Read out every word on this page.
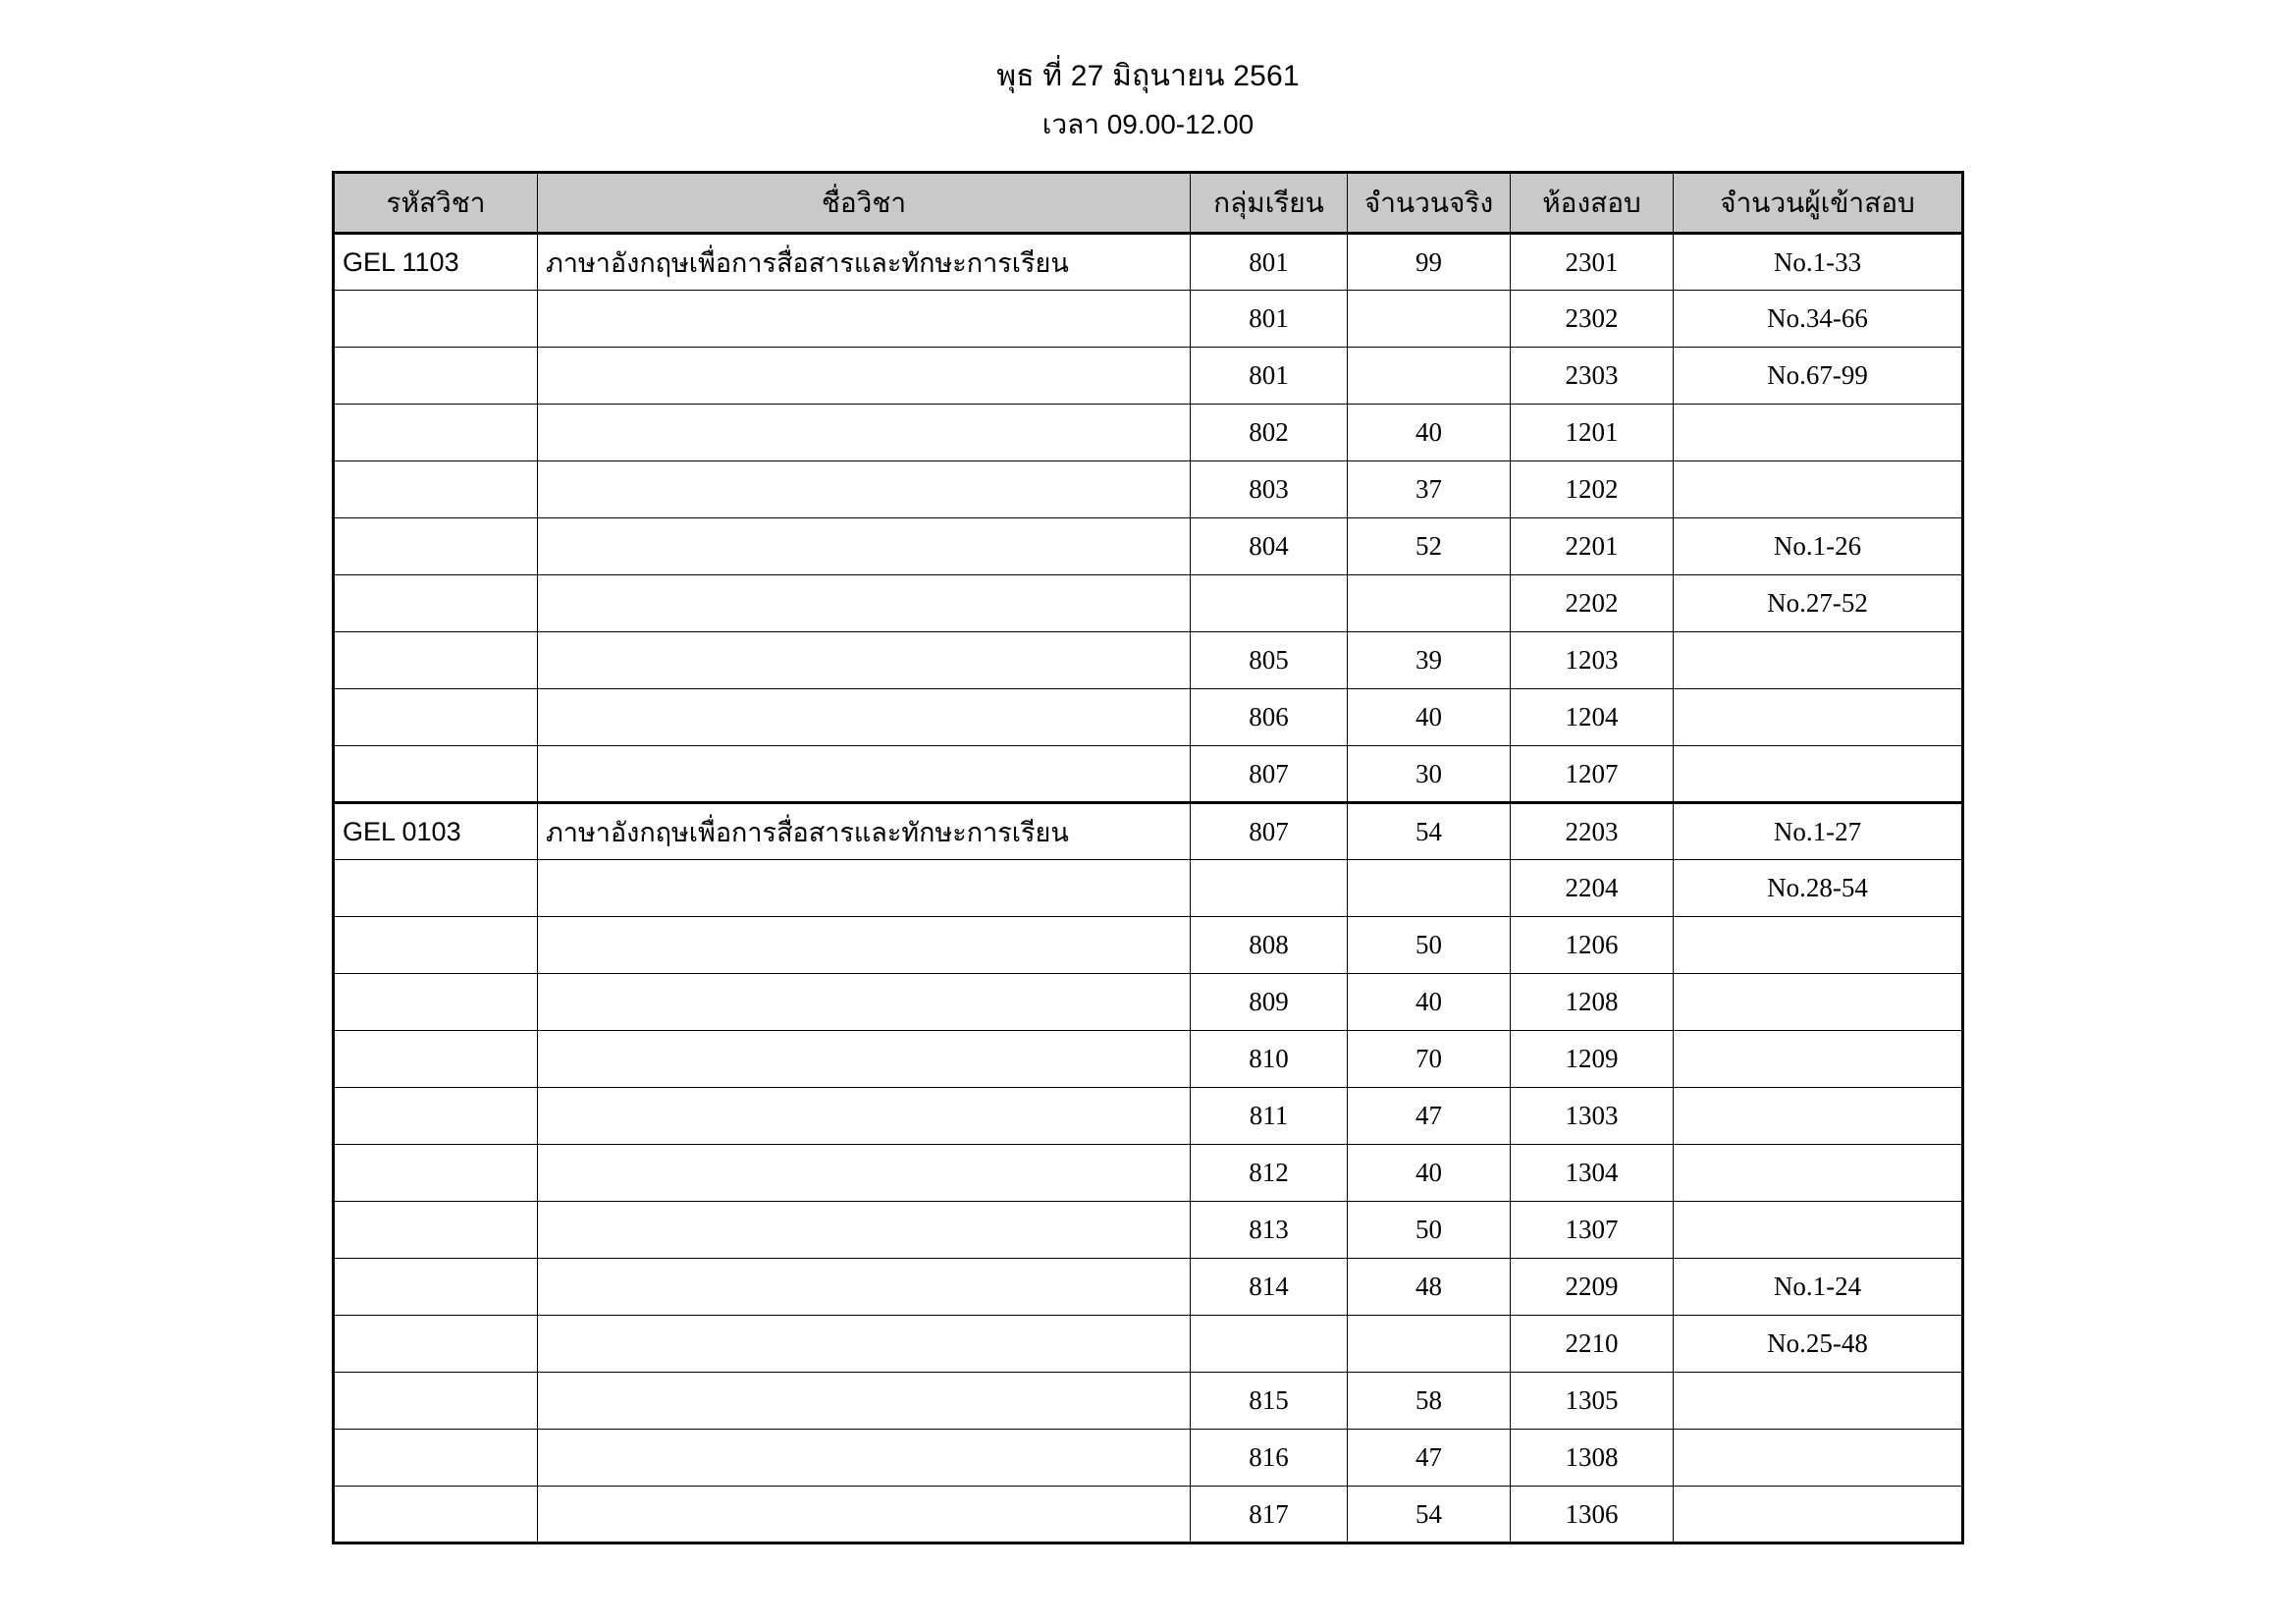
พุธ ที่ 27 มิถุนายน 2561
เวลา 09.00-12.00
รหัสวิชา	ชื่อวิชา	กลุ่มเรียน	จำนวนจริง	ห้องสอบ	จำนวนผู้เข้าสอบ
GEL 1103	ภาษาอังกฤษเพื่อการสื่อสารและทักษะการเรียน	801	99	2301	No.1-33
		801		2302	No.34-66
		801		2303	No.67-99
		802	40	1201	
		803	37	1202	
		804	52	2201	No.1-26
				2202	No.27-52
		805	39	1203	
		806	40	1204	
		807	30	1207	
GEL 0103	ภาษาอังกฤษเพื่อการสื่อสารและทักษะการเรียน	807	54	2203	No.1-27
				2204	No.28-54
		808	50	1206	
		809	40	1208	
		810	70	1209	
		811	47	1303	
		812	40	1304	
		813	50	1307	
		814	48	2209	No.1-24
				2210	No.25-48
		815	58	1305	
		816	47	1308	
		817	54	1306	
